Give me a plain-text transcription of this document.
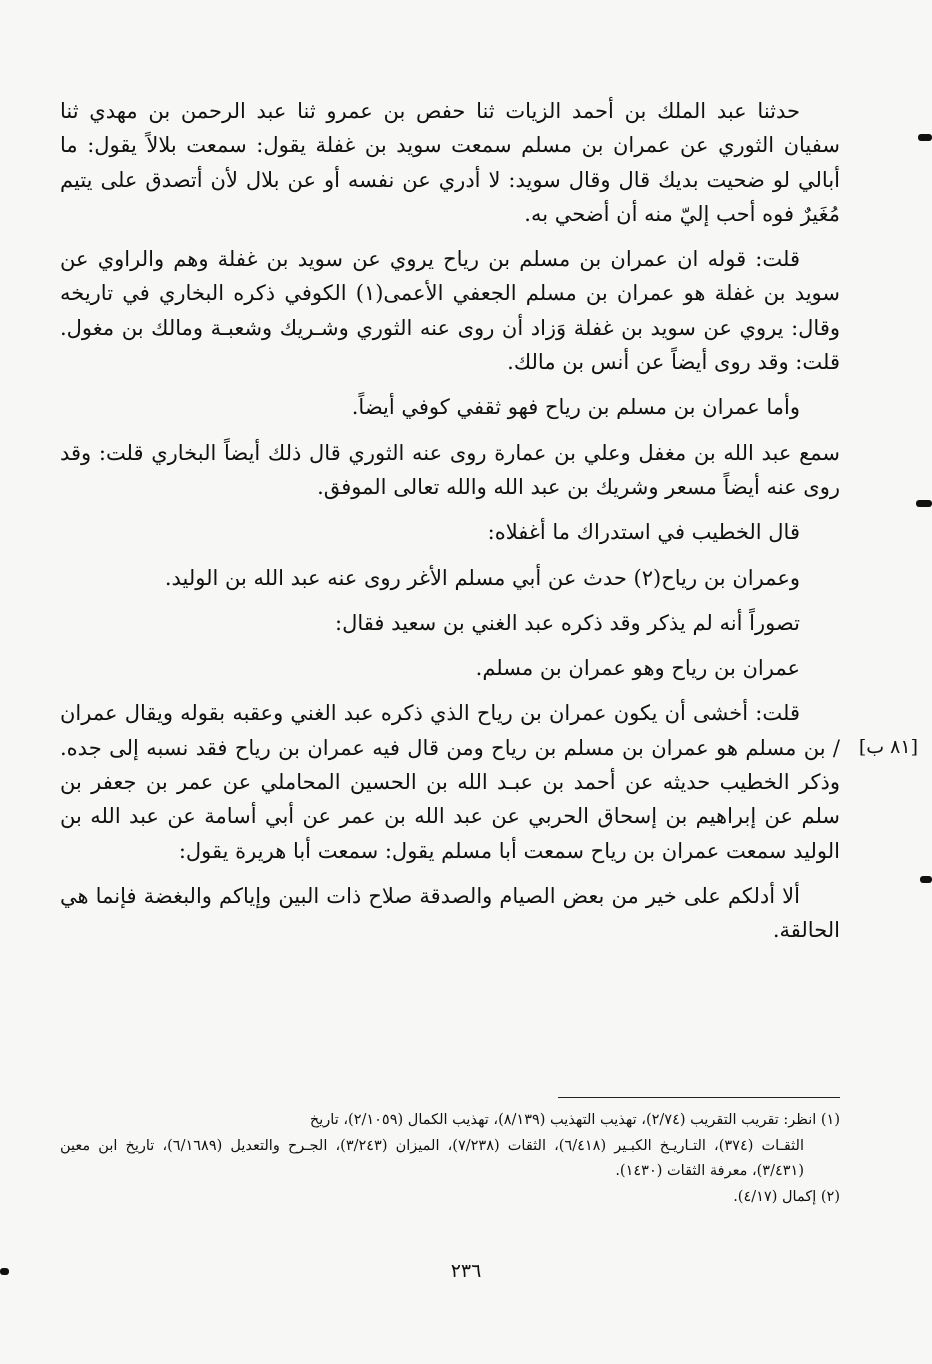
حدثنا عبد الملك بن أحمد الزيات ثنا حفص بن عمرو ثنا عبد الرحمن بن مهدي ثنا سفيان الثوري عن عمران بن مسلم سمعت سويد بن غفلة يقول: سمعت بلالاً يقول: ما أبالي لو ضحيت بديك قال وقال سويد: لا أدري عن نفسه أو عن بلال لأن أتصدق على يتيم مُغَيرٌ فوه أحب إليّ منه أن أضحي به.

قلت: قوله ان عمران بن مسلم بن رياح يروي عن سويد بن غفلة وهم والراوي عن سويد بن غفلة هو عمران بن مسلم الجعفي الأعمى(١) الكوفي ذكره البخاري في تاريخه وقال: يروي عن سويد بن غفلة وَزاد أن روى عنه الثوري وشـريك وشعبـة ومالك بن مغول. قلت: وقد روى أيضاً عن أنس بن مالك.

وأما عمران بن مسلم بن رياح فهو ثقفي كوفي أيضاً.

سمع عبد الله بن مغفل وعلي بن عمارة روى عنه الثوري قال ذلك أيضاً البخاري قلت: وقد روى عنه أيضاً مسعر وشريك بن عبد الله والله تعالى الموفق.

قال الخطيب في استدراك ما أغفلاه:

وعمران بن رياح(٢) حدث عن أبي مسلم الأغر روى عنه عبد الله بن الوليد.

تصوراً أنه لم يذكر وقد ذكره عبد الغني بن سعيد فقال:

عمران بن رياح وهو عمران بن مسلم.

قلت: أخشى أن يكون عمران بن رياح الذي ذكره عبد الغني وعقبه بقوله ويقال عمران / بن مسلم هو عمران بن مسلم بن رياح ومن قال فيه عمران بن رياح فقد نسبه إلى جده. وذكر الخطيب حديثه عن أحمد بن عبـد الله بن الحسين المحاملي عن عمر بن جعفر بن سلم عن إبراهيم بن إسحاق الحربي عن عبد الله بن عمر عن أبي أسامة عن عبد الله بن الوليد سمعت عمران بن رياح سمعت أبا مسلم يقول: سمعت أبا هريرة يقول:

[٨١ ب]

ألا أدلكم على خير من بعض الصيام والصدقة صلاح ذات البين وإياكم والبغضة فإنما هي الحالقة.

(١) انظر: تقريب التقريب (٢/٧٤)، تهذيب التهذيب (٨/١٣٩)، تهذيب الكمال (٢/١٠٥٩)، تاريخ

الثقـات (٣٧٤)، التـاريـخ الكبـير (٦/٤١٨)، الثقات (٧/٢٣٨)، الميزان (٣/٢٤٣)، الجـرح والتعديل (٦/١٦٨٩)، تاريخ ابن معين (٣/٤٣١)، معرفة الثقات (١٤٣٠).

(٢) إكمال (٤/١٧).

٢٣٦
